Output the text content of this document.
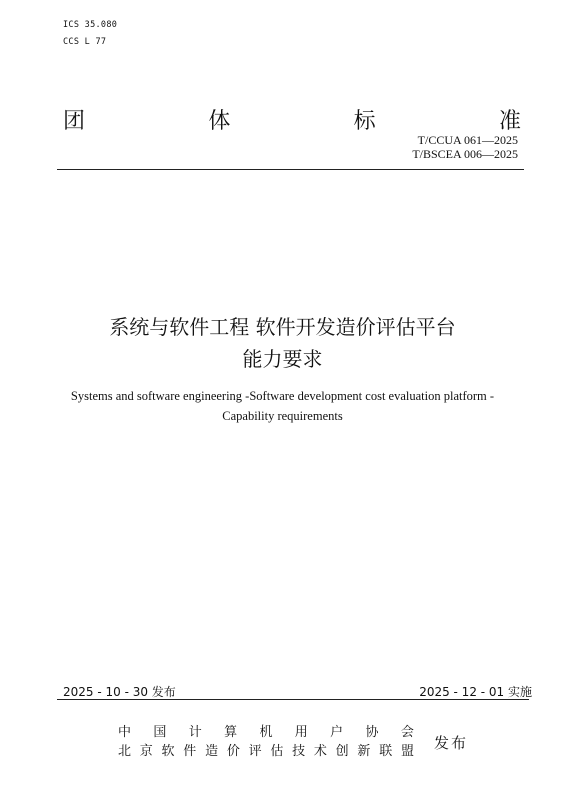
ICS 35.080
CCS L 77
团	体	标	准
T/CCUA 061—2025
T/BSCEA 006—2025
系统与软件工程 软件开发造价评估平台
能力要求
Systems and software engineering -Software development cost evaluation platform -
Capability requirements
2025 - 10 - 30 发布	2025 - 12 - 01 实施
中 国 计 算 机 用 户 协 会
北 京 软 件 造 价 评 估 技 术 创 新 联 盟 发布
